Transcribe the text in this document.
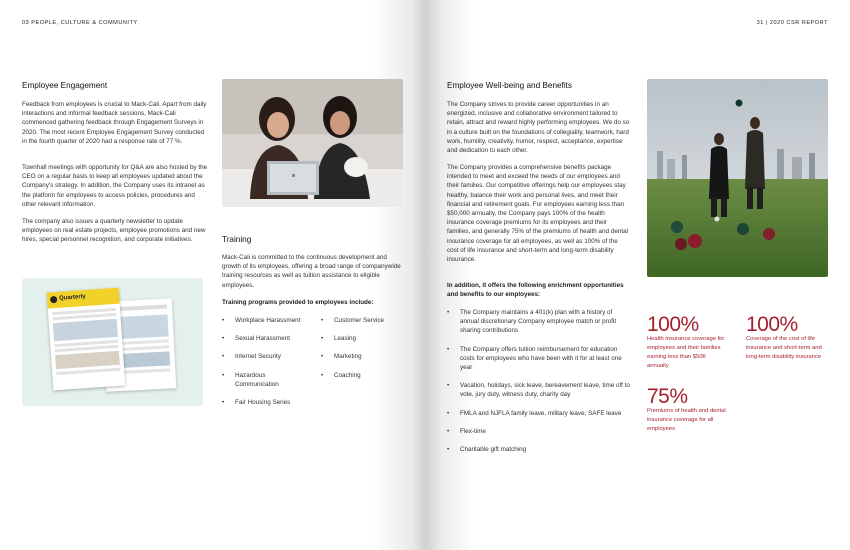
03 PEOPLE, CULTURE & COMMUNITY
Employee Engagement

Feedback from employees is crucial to Mack-Cali. Apart from daily interactions and informal feedback sessions, Mack-Cali commenced gathering feedback through Engagement Surveys in 2020. The most recent Employee Engagement Survey conducted in the fourth quarter of 2020 had a response rate of 77 %.

Townhall meetings with opportunity for Q&A are also hosted by the CEO on a regular basis to keep all employees updated about the Company's strategy. In addition, the Company uses its intranet as the platform for employees to access policies, procedures and other relevant information.

The company also issues a quarterly newsletter to update employees on real estate projects, employee promotions and new hires, special personnel recognition, and corporate initiatives.

Quarterly
Training

Mack-Cali is committed to the continuous development and growth of its employees, offering a broad range of companywide training resources as well as tuition assistance to eligible employees.

Training programs provided to employees include:

• Workplace Harassment
• Sexual Harassment
• Internet Security
• Hazardous Communication
• Fair Housing Series
• Customer Service
• Leasing
• Marketing
• Coaching
31 | 2020 CSR REPORT
Employee Well-being and Benefits

The Company strives to provide career opportunities in an energized, inclusive and collaborative environment tailored to retain, attract and reward highly performing employees. We do so in a culture built on the foundations of collegiality, teamwork, hard work, humility, creativity, humor, respect, acceptance, expertise and dedication to each other.

The Company provides a comprehensive benefits package intended to meet and exceed the needs of our employees and their families. Our competitive offerings help our employees stay healthy, balance their work and personal lives, and meet their financial and retirement goals. For employees earning less than $50,000 annually, the Company pays 100% of the health insurance coverage premiums for its employees and their families, and generally 75% of the premiums of health and dental insurance coverage for all employees, as well as 100% of the cost of life insurance and short-term and long-term disability insurance.

In addition, it offers the following enrichment opportunities and benefits to our employees:

• The Company maintains a 401(k) plan with a history of annual discretionary Company employee match or profit sharing contributions
• The Company offers tuition reimbursement for education costs for employees who have been with it for at least one year
• Vacation, holidays, sick leave, bereavement leave, time off to vote, jury duty, witness duty, charity day
• FMLA and NJFLA family leave, military leave, SAFE leave
• Flex-time
• Charitable gift matching
100%
Health insurance coverage for employees and their families earning less than $50K annually
100%
Coverage of the cost of life insurance and short-term and long-term disability insurance
75%
Premiums of health and dental insurance coverage for all employees
